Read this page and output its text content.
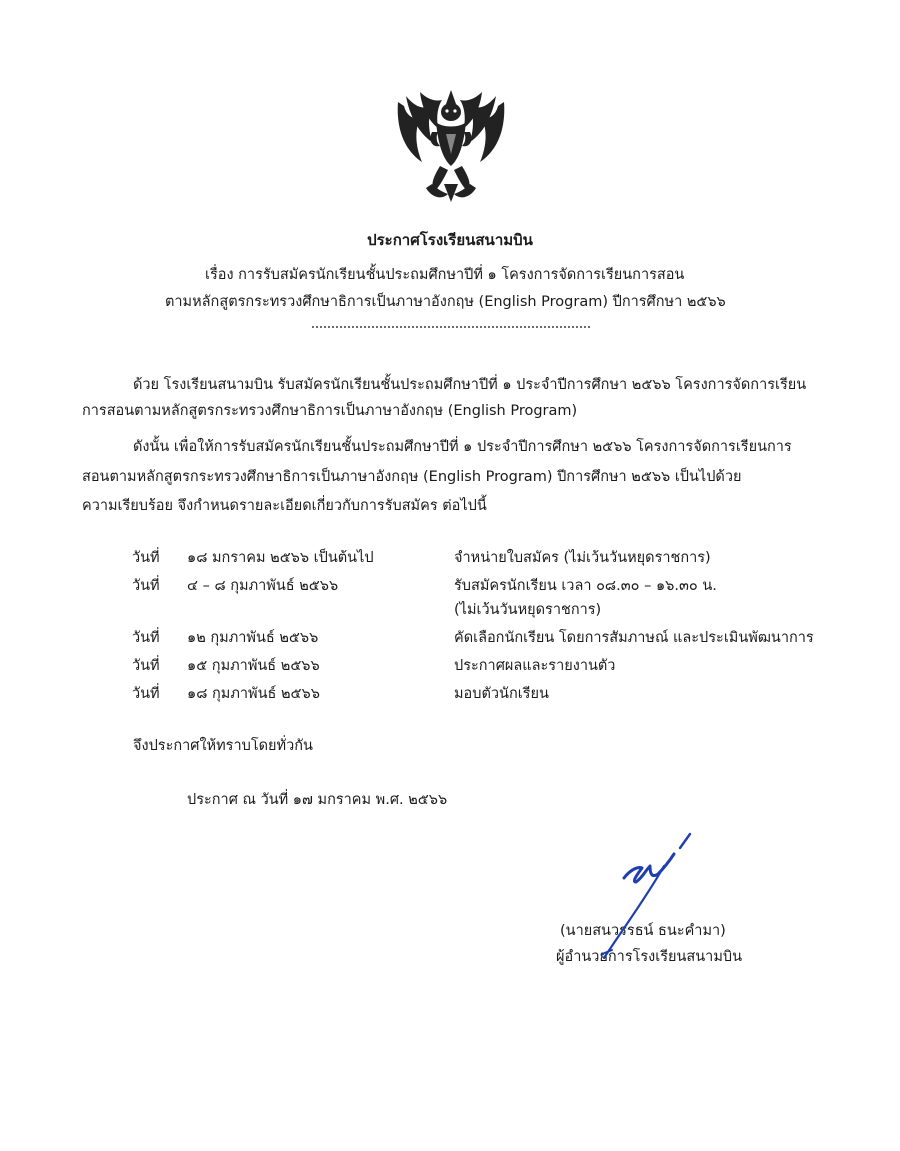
ประกาศโรงเรียนสนามบิน
เรื่อง การรับสมัครนักเรียนชั้นประถมศึกษาปีที่ ๑ โครงการจัดการเรียนการสอน
ตามหลักสูตรกระทรวงศึกษาธิการเป็นภาษาอังกฤษ (English Program) ปีการศึกษา ๒๕๖๖
ด้วย โรงเรียนสนามบิน รับสมัครนักเรียนชั้นประถมศึกษาปีที่ ๑ ประจำปีการศึกษา ๒๕๖๖ โครงการจัดการเรียน
การสอนตามหลักสูตรกระทรวงศึกษาธิการเป็นภาษาอังกฤษ (English Program)
ดังนั้น เพื่อให้การรับสมัครนักเรียนชั้นประถมศึกษาปีที่ ๑ ประจำปีการศึกษา ๒๕๖๖ โครงการจัดการเรียนการ
สอนตามหลักสูตรกระทรวงศึกษาธิการเป็นภาษาอังกฤษ (English Program) ปีการศึกษา ๒๕๖๖ เป็นไปด้วย
ความเรียบร้อย จึงกำหนดรายละเอียดเกี่ยวกับการรับสมัคร ต่อไปนี้
วันที่ ๑๘ มกราคม ๒๕๖๖ เป็นต้นไป	จำหน่ายใบสมัคร (ไม่เว้นวันหยุดราชการ)
วันที่ ๔ – ๘ กุมภาพันธ์ ๒๕๖๖	รับสมัครนักเรียน เวลา ๐๘.๓๐ – ๑๖.๓๐ น.
(ไม่เว้นวันหยุดราชการ)
วันที่ ๑๒ กุมภาพันธ์ ๒๕๖๖	คัดเลือกนักเรียน โดยการสัมภาษณ์ และประเมินพัฒนาการ
วันที่ ๑๕ กุมภาพันธ์ ๒๕๖๖	ประกาศผลและรายงานตัว
วันที่ ๑๘ กุมภาพันธ์ ๒๕๖๖	มอบตัวนักเรียน
จึงประกาศให้ทราบโดยทั่วกัน
ประกาศ ณ วันที่ ๑๗ มกราคม พ.ศ. ๒๕๖๖
(นายสนวรรธน์ ธนะคำมา)
ผู้อำนวยการโรงเรียนสนามบิน
